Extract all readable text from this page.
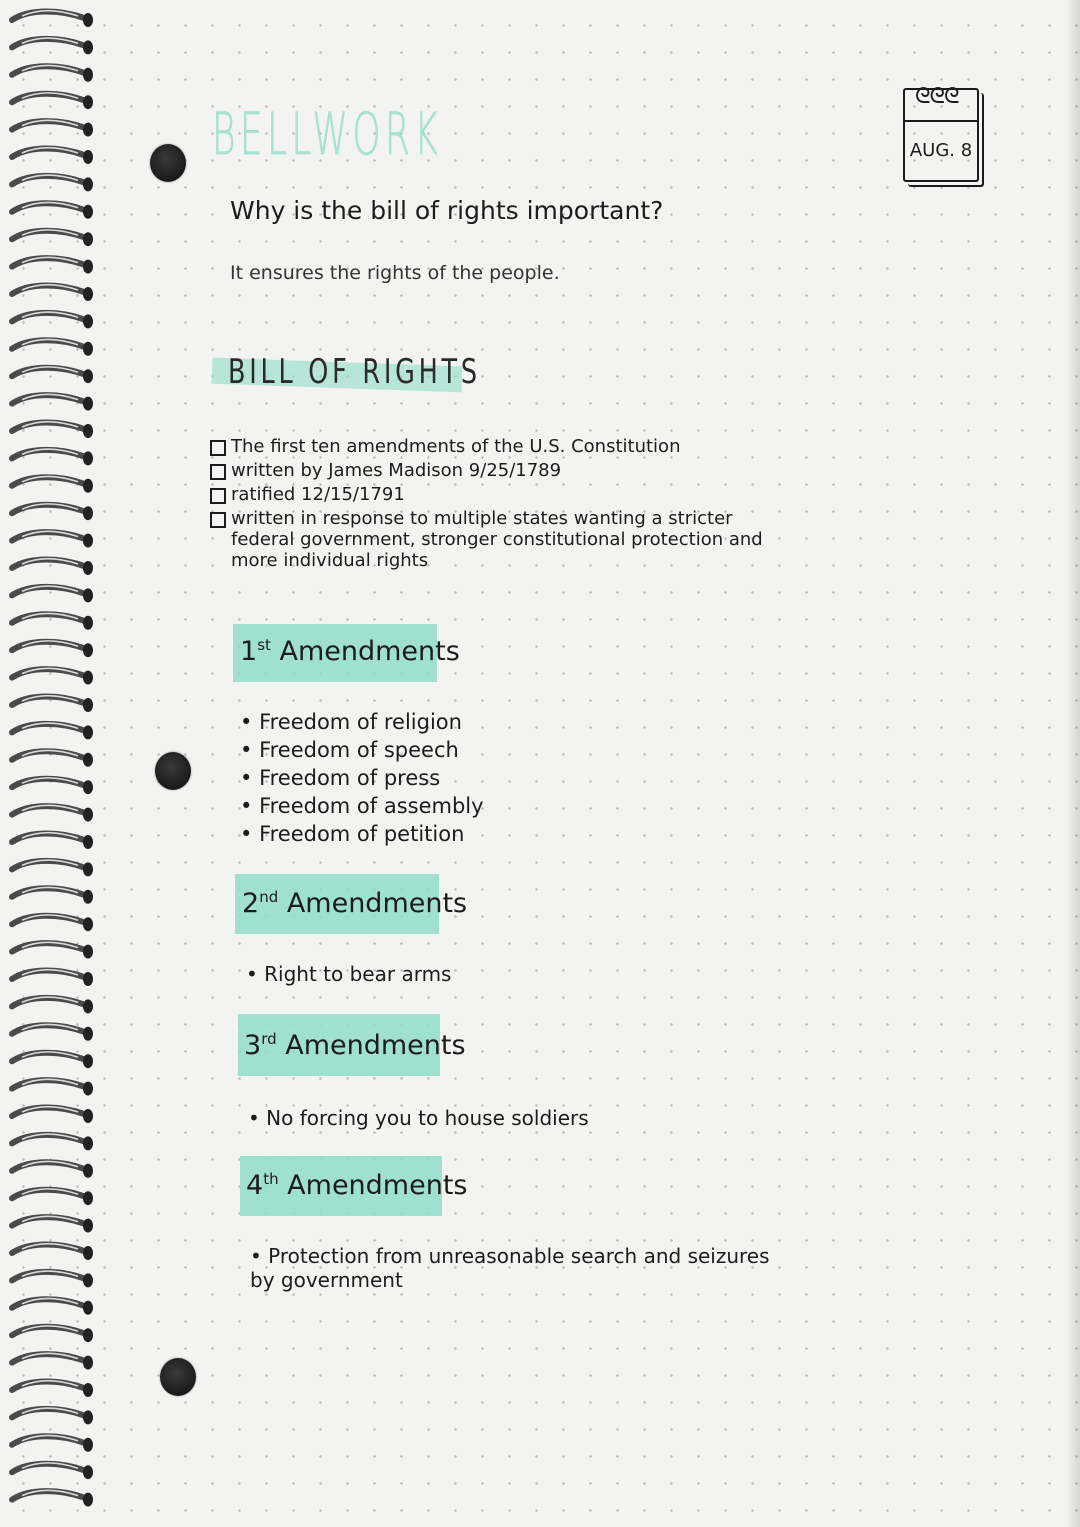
ᘓᘓᘓ
AUG. 8
BELLWORK
Why is the bill of rights important?
It ensures the rights of the people.
BILL OF RIGHTS
The first ten amendments of the U.S. Constitution
written by James Madison 9/25/1789
ratified 12/15/1791
written in response to multiple states wanting a stricter
federal government, stronger constitutional protection and
more individual rights
1st Amendments
• Freedom of religion
• Freedom of speech
• Freedom of press
• Freedom of assembly
• Freedom of petition
2nd Amendments
• Right to bear arms
3rd Amendments
• No forcing you to house soldiers
4th Amendments
• Protection from unreasonable search and seizures
by government
